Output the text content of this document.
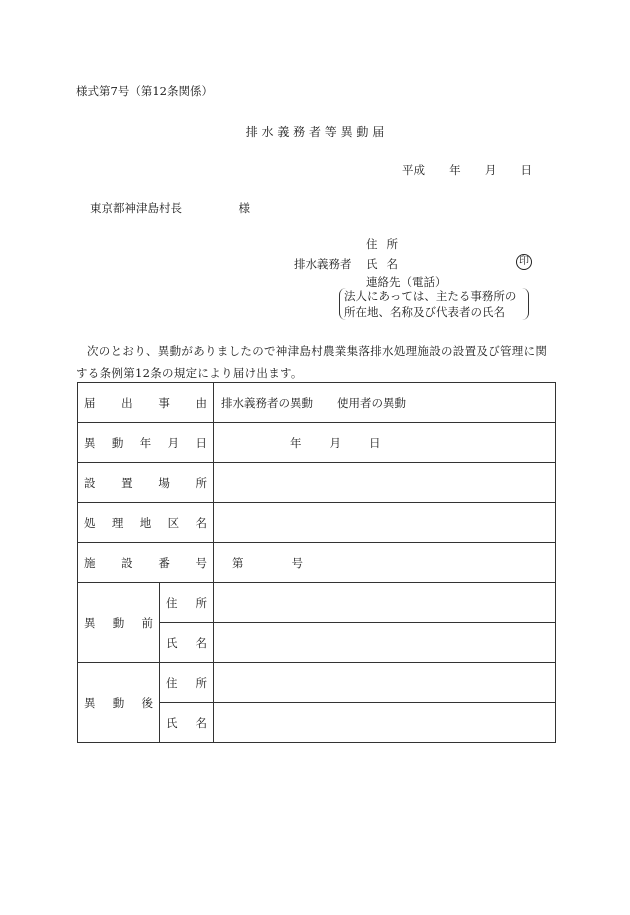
様式第7号（第12条関係）
排 水 義 務 者 等 異 動 届
平成 年 月 日
東京都神津島村長	様
住 所
排水義務者 氏 名	印
連絡先（電話）
法人にあっては、主たる事務所の
所在地、名称及び代表者の氏名
次のとおり、異動がありましたので神津島村農業集落排水処理施設の設置及び管理に関する条例第12条の規定により届け出ます。
届 出 事 由		排水義務者の異動 使用者の異動

異 動 年 月 日		年 月 日

設 置 場 所		

処 理 地 区 名		

施 設 番 号		第 号

異 動 前	住 所	

	氏 名	

異 動 後	住 所	

	氏 名	
